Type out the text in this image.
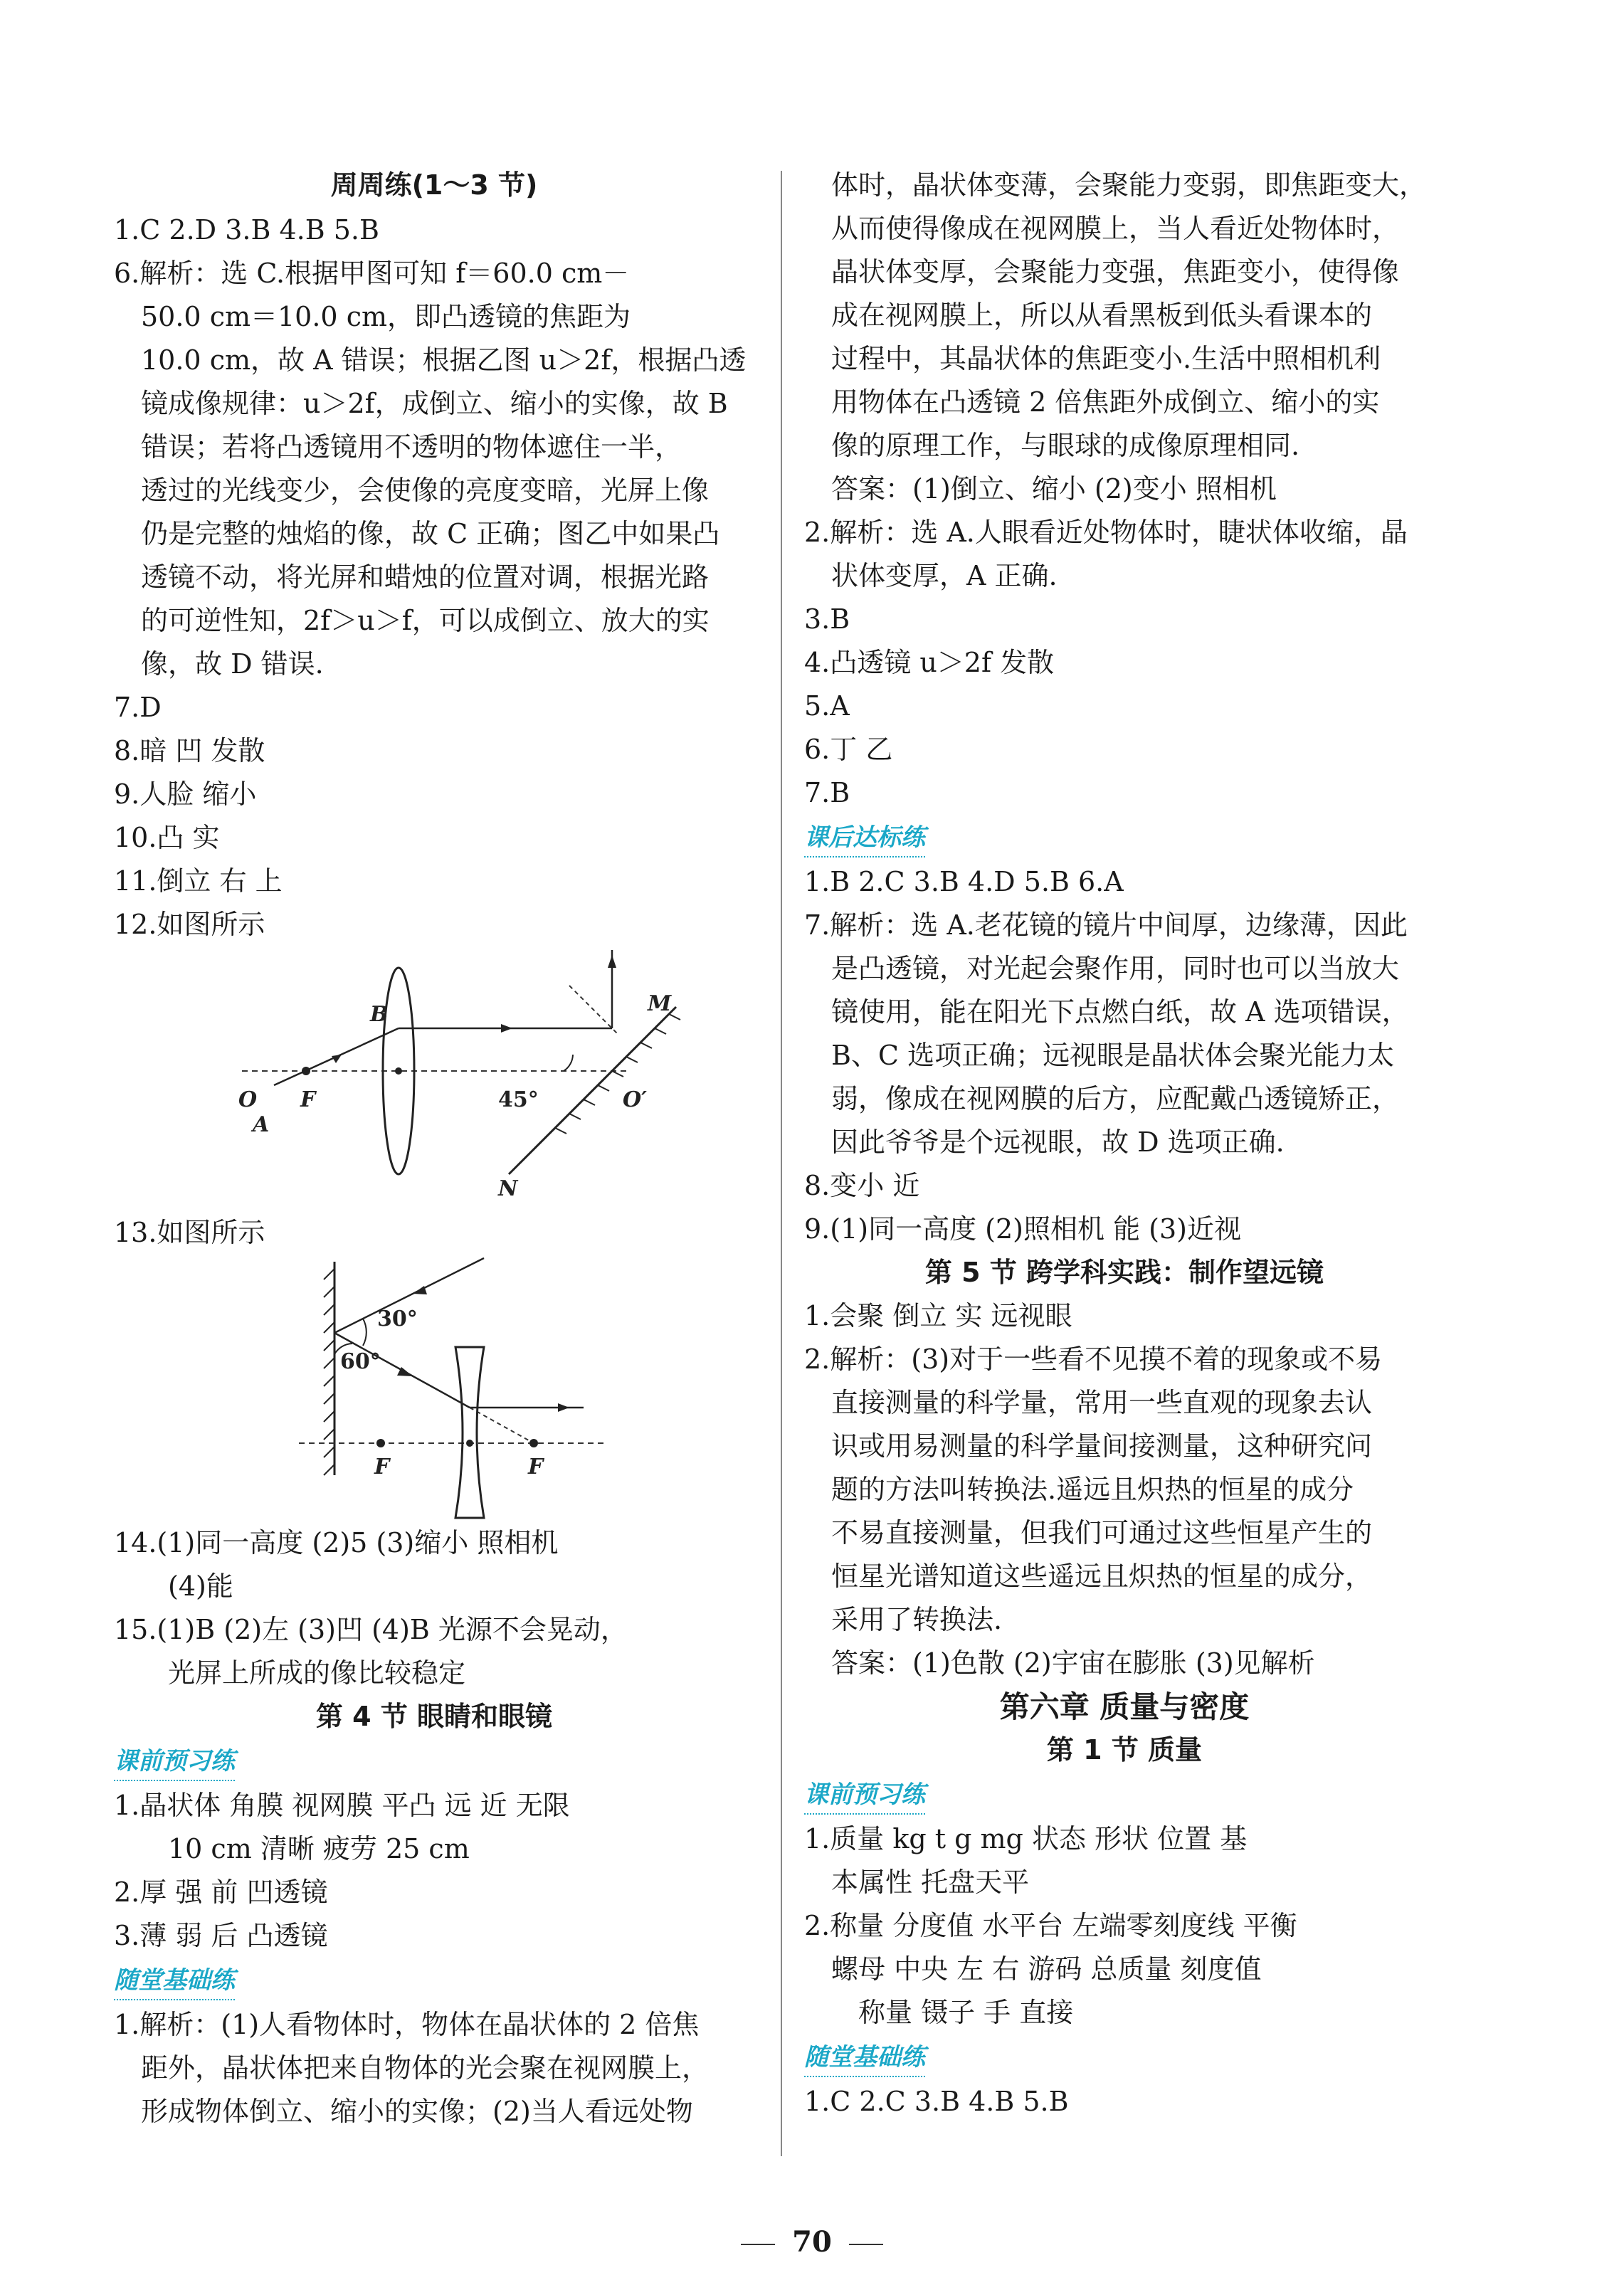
周周练(1～3 节)
1.C 2.D 3.B 4.B 5.B
6.解析：选 C.根据甲图可知 f＝60.0 cm－
50.0 cm＝10.0 cm，即凸透镜的焦距为
10.0 cm，故 A 错误；根据乙图 u＞2f，根据凸透
镜成像规律：u＞2f，成倒立、缩小的实像，故 B
错误；若将凸透镜用不透明的物体遮住一半，
透过的光线变少，会使像的亮度变暗，光屏上像
仍是完整的烛焰的像，故 C 正确；图乙中如果凸
透镜不动，将光屏和蜡烛的位置对调，根据光路
的可逆性知，2f＞u＞f，可以成倒立、放大的实
像，故 D 错误.
7.D
8.暗 凹 发散
9.人脸 缩小
10.凸 实
11.倒立 右 上
12.如图所示
B	M
O F
A
45°	O′
N
13.如图所示
30°
60°
F	F
14.(1)同一高度 (2)5 (3)缩小 照相机
(4)能
15.(1)B (2)左 (3)凹 (4)B 光源不会晃动，
光屏上所成的像比较稳定
第 4 节 眼睛和眼镜
课前预习练
1.晶状体 角膜 视网膜 平凸 远 近 无限
10 cm 清晰 疲劳 25 cm
2.厚 强 前 凹透镜
3.薄 弱 后 凸透镜
随堂基础练
1.解析：(1)人看物体时，物体在晶状体的 2 倍焦
距外，晶状体把来自物体的光会聚在视网膜上，
形成物体倒立、缩小的实像；(2)当人看远处物
体时，晶状体变薄，会聚能力变弱，即焦距变大，
从而使得像成在视网膜上，当人看近处物体时，
晶状体变厚，会聚能力变强，焦距变小，使得像
成在视网膜上，所以从看黑板到低头看课本的
过程中，其晶状体的焦距变小.生活中照相机利
用物体在凸透镜 2 倍焦距外成倒立、缩小的实
像的原理工作，与眼球的成像原理相同.
答案：(1)倒立、缩小 (2)变小 照相机
2.解析：选 A.人眼看近处物体时，睫状体收缩，晶
状体变厚，A 正确.
3.B
4.凸透镜 u＞2f 发散
5.A
6.丁 乙
7.B
课后达标练
1.B 2.C 3.B 4.D 5.B 6.A
7.解析：选 A.老花镜的镜片中间厚，边缘薄，因此
是凸透镜，对光起会聚作用，同时也可以当放大
镜使用，能在阳光下点燃白纸，故 A 选项错误，
B、C 选项正确；远视眼是晶状体会聚光能力太
弱，像成在视网膜的后方，应配戴凸透镜矫正，
因此爷爷是个远视眼，故 D 选项正确.
8.变小 近
9.(1)同一高度 (2)照相机 能 (3)近视
第 5 节 跨学科实践：制作望远镜
1.会聚 倒立 实 远视眼
2.解析：(3)对于一些看不见摸不着的现象或不易
直接测量的科学量，常用一些直观的现象去认
识或用易测量的科学量间接测量，这种研究问
题的方法叫转换法.遥远且炽热的恒星的成分
不易直接测量，但我们可通过这些恒星产生的
恒星光谱知道这些遥远且炽热的恒星的成分，
采用了转换法.
答案：(1)色散 (2)宇宙在膨胀 (3)见解析
第六章 质量与密度
第 1 节 质量
课前预习练
1.质量 kg t g mg 状态 形状 位置 基
本属性 托盘天平
2.称量 分度值 水平台 左端零刻度线 平衡
螺母 中央 左 右 游码 总质量 刻度值
称量 镊子 手 直接
随堂基础练
1.C 2.C 3.B 4.B 5.B
70
